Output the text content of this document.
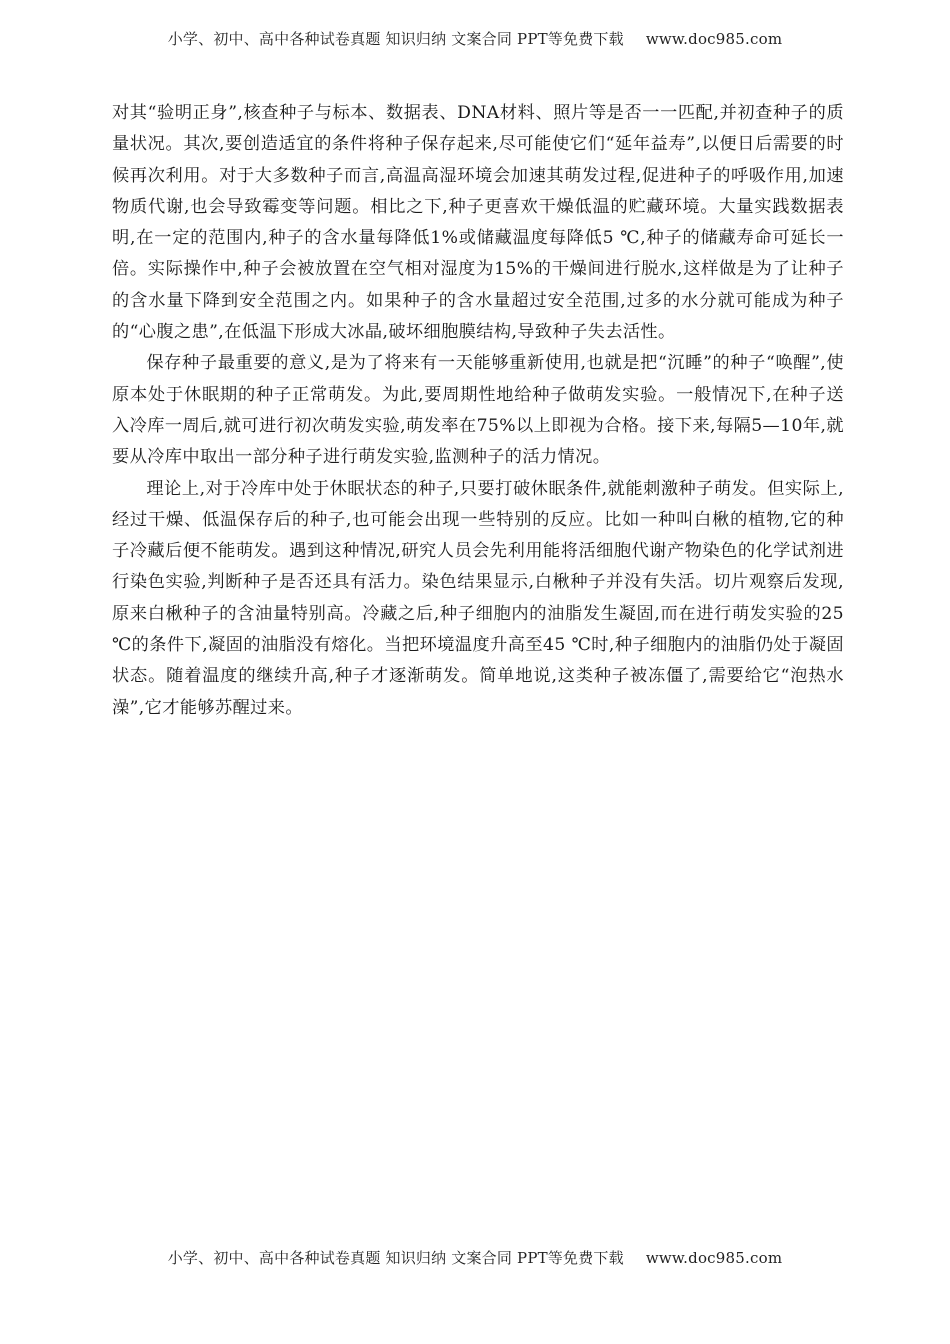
小学、初中、高中各种试卷真题 知识归纳 文案合同 PPT等免费下载 www.doc985.com

对其“验明正身”,核查种子与标本、数据表、DNA材料、照片等是否一一匹配,并初查种子的质量状况。其次,要创造适宜的条件将种子保存起来,尽可能使它们“延年益寿”,以便日后需要的时候再次利用。对于大多数种子而言,高温高湿环境会加速其萌发过程,促进种子的呼吸作用,加速物质代谢,也会导致霉变等问题。相比之下,种子更喜欢干燥低温的贮藏环境。大量实践数据表明,在一定的范围内,种子的含水量每降低1%或储藏温度每降低5 ℃,种子的储藏寿命可延长一倍。实际操作中,种子会被放置在空气相对湿度为15%的干燥间进行脱水,这样做是为了让种子的含水量下降到安全范围之内。如果种子的含水量超过安全范围,过多的水分就可能成为种子的“心腹之患”,在低温下形成大冰晶,破坏细胞膜结构,导致种子失去活性。

保存种子最重要的意义,是为了将来有一天能够重新使用,也就是把“沉睡”的种子“唤醒”,使原本处于休眠期的种子正常萌发。为此,要周期性地给种子做萌发实验。一般情况下,在种子送入冷库一周后,就可进行初次萌发实验,萌发率在75%以上即视为合格。接下来,每隔5—10年,就要从冷库中取出一部分种子进行萌发实验,监测种子的活力情况。

理论上,对于冷库中处于休眠状态的种子,只要打破休眠条件,就能刺激种子萌发。但实际上,经过干燥、低温保存后的种子,也可能会出现一些特别的反应。比如一种叫白楸的植物,它的种子冷藏后便不能萌发。遇到这种情况,研究人员会先利用能将活细胞代谢产物染色的化学试剂进行染色实验,判断种子是否还具有活力。染色结果显示,白楸种子并没有失活。切片观察后发现,原来白楸种子的含油量特别高。冷藏之后,种子细胞内的油脂发生凝固,而在进行萌发实验的25 ℃的条件下,凝固的油脂没有熔化。当把环境温度升高至45 ℃时,种子细胞内的油脂仍处于凝固状态。随着温度的继续升高,种子才逐渐萌发。简单地说,这类种子被冻僵了,需要给它“泡热水澡”,它才能够苏醒过来。

小学、初中、高中各种试卷真题 知识归纳 文案合同 PPT等免费下载 www.doc985.com
